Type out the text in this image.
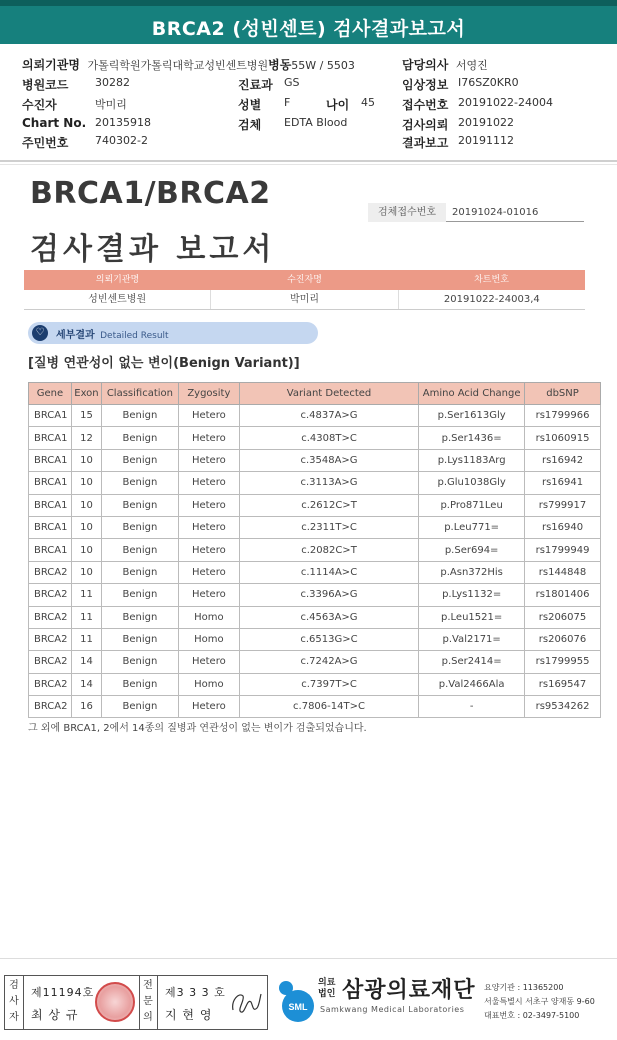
BRCA2 (성빈센트) 검사결과보고서
의뢰기관명 가톨릭학원가톨릭대학교성빈센트병원병동55W / 5503	담당의사 서영진
병원코드 30282	진료과 GS	임상정보 I76SZ0KR0
수진자	박미리	성별 F	나이 45 접수번호 20191022-24004
Chart No. 20135918	검체 EDTA Blood	검사의뢰 20191022
주민번호 740302-2	결과보고 20191112
BRCA1/BRCA2
검사결과 보고서
검체접수번호	20191024-01016
의뢰기관명	수진자명	차트번호
성빈센트병원	박미리	20191022-24003,4
♡	세부결과 Detailed Result
[질병 연관성이 없는 변이(Benign Variant)]
Gene	Exon	Classification	Zygosity	Variant Detected	Amino Acid Change	dbSNP
BRCA1	15	Benign	Hetero	c.4837A>G	p.Ser1613Gly	rs1799966
BRCA1	12	Benign	Hetero	c.4308T>C	p.Ser1436=	rs1060915
BRCA1	10	Benign	Hetero	c.3548A>G	p.Lys1183Arg	rs16942
BRCA1	10	Benign	Hetero	c.3113A>G	p.Glu1038Gly	rs16941
BRCA1	10	Benign	Hetero	c.2612C>T	p.Pro871Leu	rs799917
BRCA1	10	Benign	Hetero	c.2311T>C	p.Leu771=	rs16940
BRCA1	10	Benign	Hetero	c.2082C>T	p.Ser694=	rs1799949
BRCA2	10	Benign	Hetero	c.1114A>C	p.Asn372His	rs144848
BRCA2	11	Benign	Hetero	c.3396A>G	p.Lys1132=	rs1801406
BRCA2	11	Benign	Homo	c.4563A>G	p.Leu1521=	rs206075
BRCA2	11	Benign	Homo	c.6513G>C	p.Val2171=	rs206076
BRCA2	14	Benign	Hetero	c.7242A>G	p.Ser2414=	rs1799955
BRCA2	14	Benign	Homo	c.7397T>C	p.Val2466Ala	rs169547
BRCA2	16	Benign	Hetero	c.7806-14T>C	-	rs9534262
그 외에 BRCA1, 2에서 14종의 질병과 연관성이 없는 변이가 검출되었습니다.
검사자
제11194호
최 상 규
전문의
제3 3 3 호
지 현 영
SML
의료법인 삼광의료재단
Samkwang Medical Laboratories
요양기관 : 11365200
서울특별시 서초구 양재동 9-60
대표번호 : 02-3497-5100
